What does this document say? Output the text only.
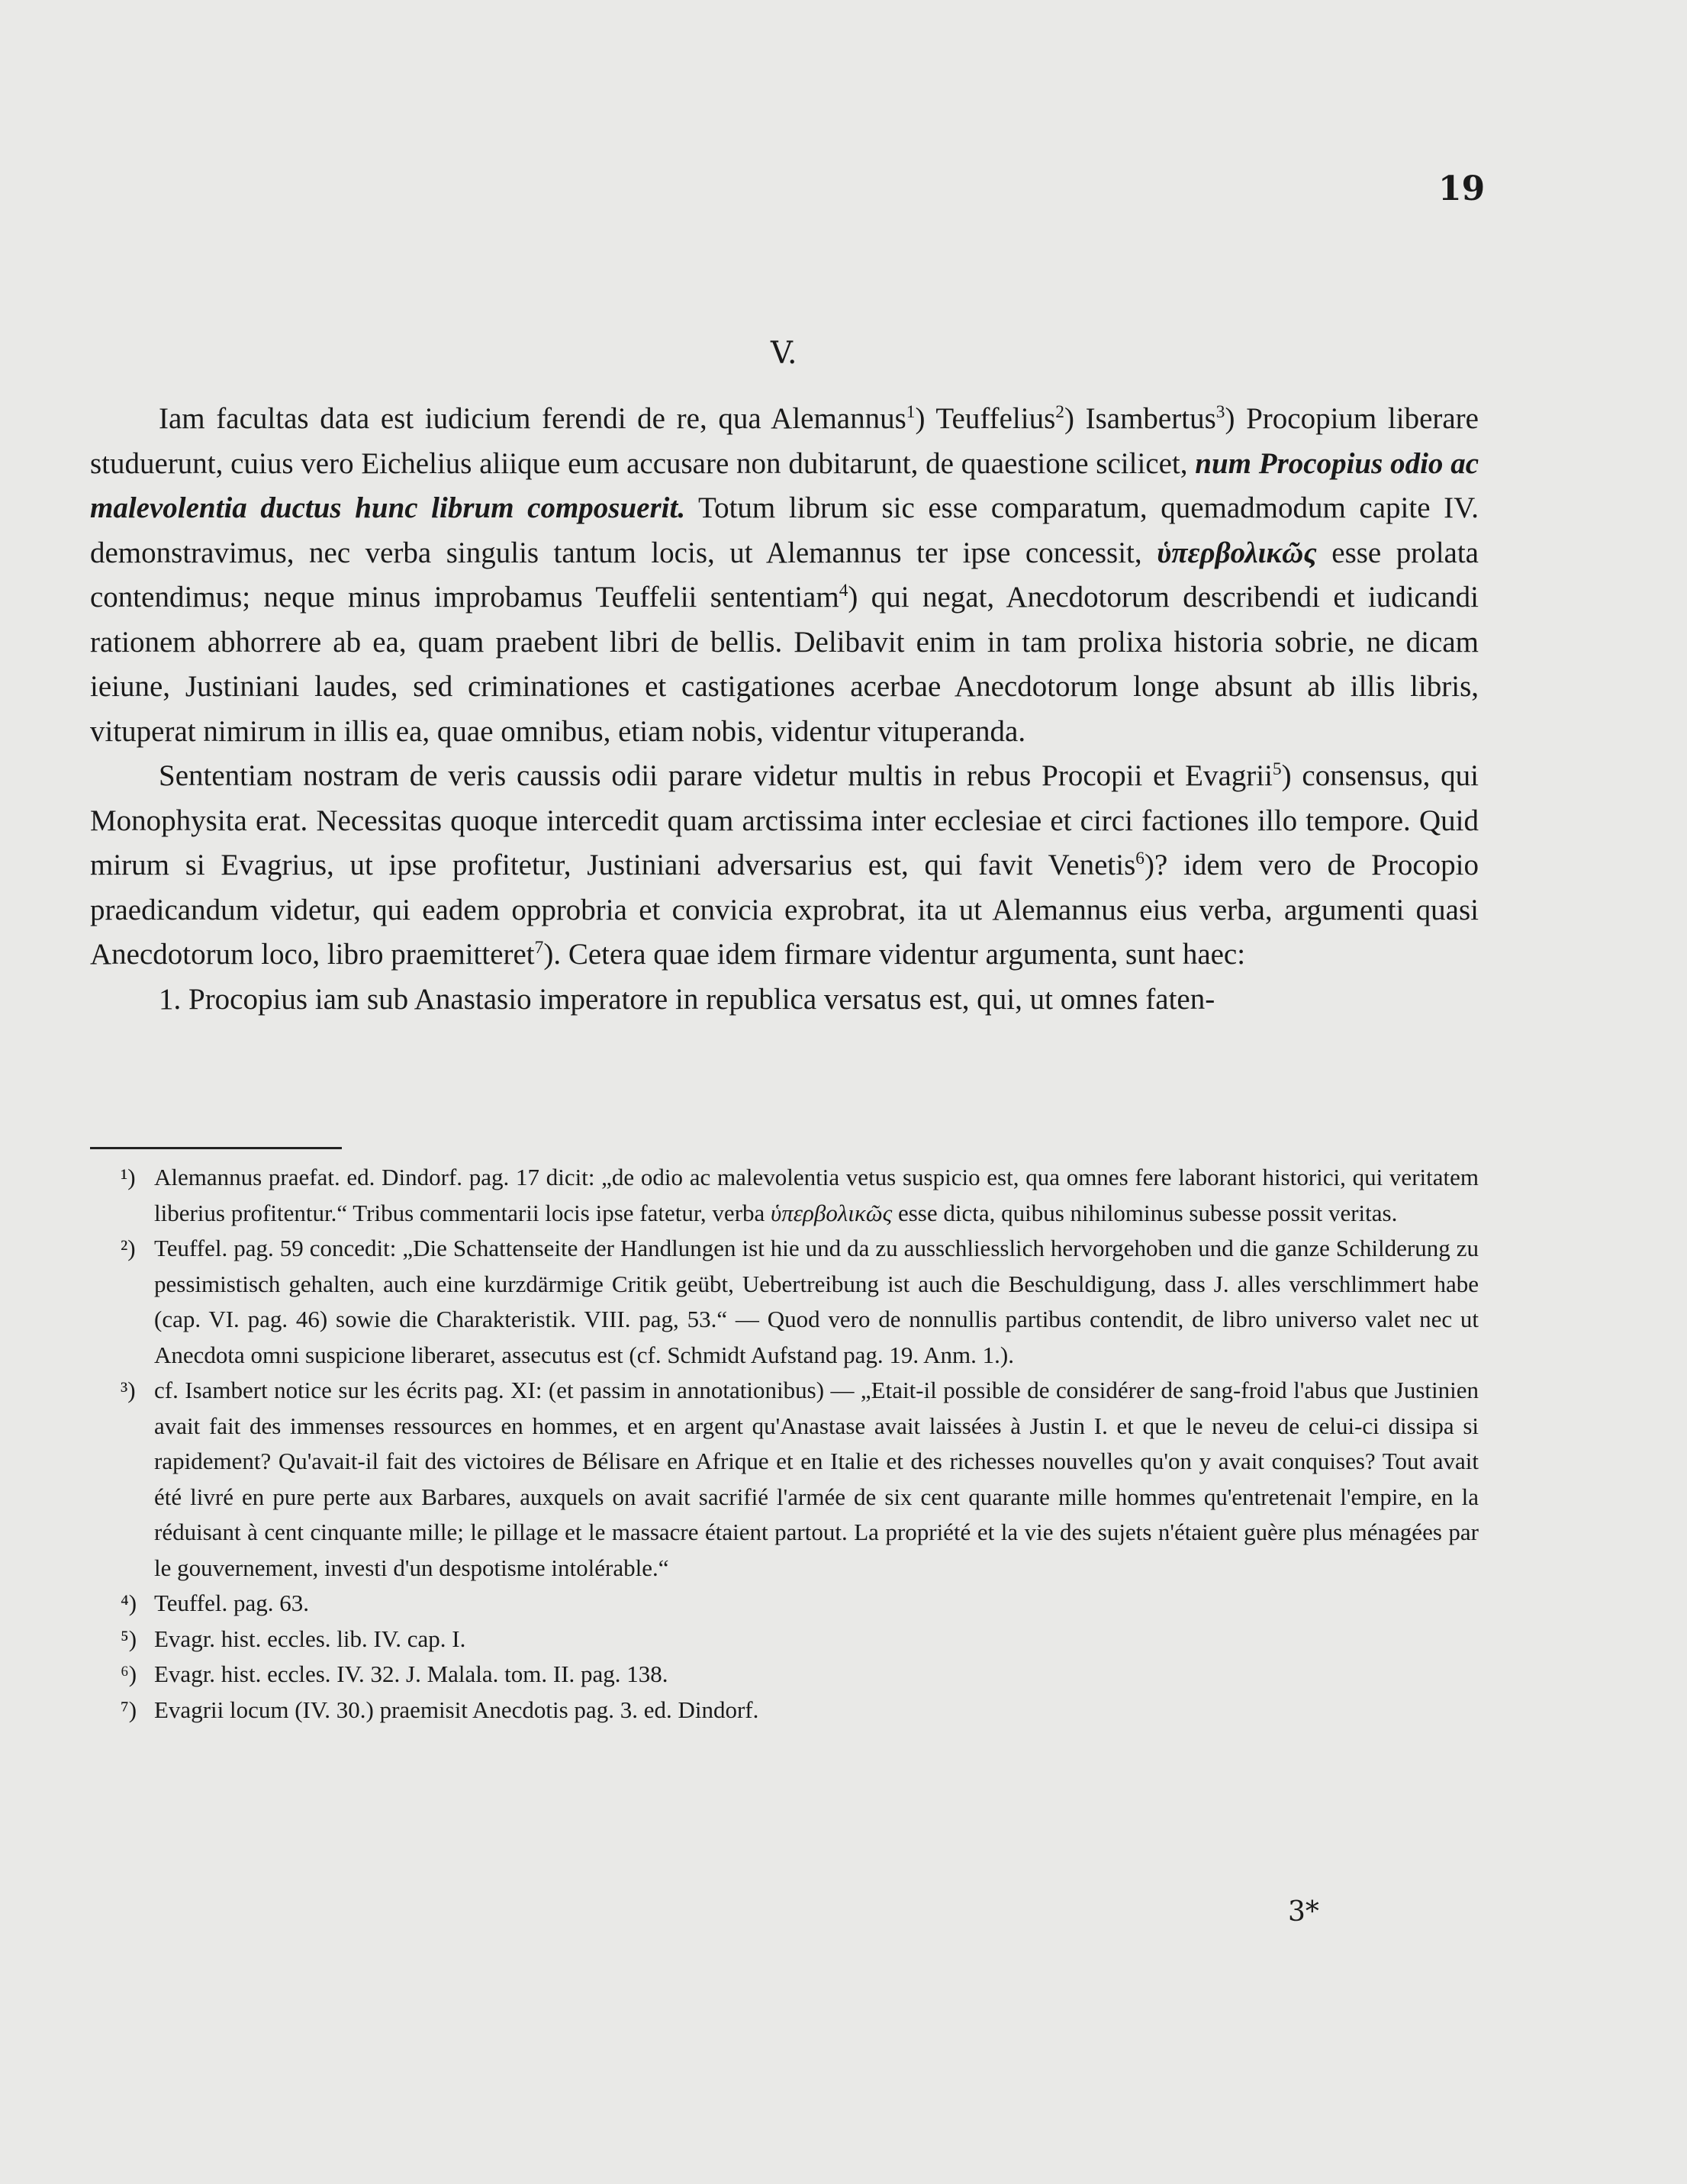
19
V.

Iam facultas data est iudicium ferendi de re, qua Alemannus$^1$) Teuffelius$^2$) Isambertus$^3$) Procopium liberare studuerunt, cuius vero Eichelius aliique eum accusare non dubitarunt, de quaestione scilicet, num Procopius odio ac malevolentia ductus hunc librum composuerit. Totum librum sic esse comparatum, quemadmodum capite IV. demonstravimus, nec verba singulis tantum locis, ut Alemannus ter ipse concessit, ὑπερβολικῶς esse prolata contendimus; neque minus improbamus Teuffelii sententiam$^4$) qui negat, Anecdotorum describendi et iudicandi rationem abhorrere ab ea, quam praebent libri de bellis. Delibavit enim in tam prolixa historia sobrie, ne dicam ieiune, Justiniani laudes, sed criminationes et castigationes acerbae Anecdotorum longe absunt ab illis libris, vituperat nimirum in illis ea, quae omnibus, etiam nobis, videntur vituperanda.

Sententiam nostram de veris caussis odii parare videtur multis in rebus Procopii et Evagrii$^5$) consensus, qui Monophysita erat. Necessitas quoque intercedit quam arctissima inter ecclesiae et circi factiones illo tempore. Quid mirum si Evagrius, ut ipse profitetur, Justiniani adversarius est, qui favit Venetis$^6$)? idem vero de Procopio praedicandum videtur, qui eadem opprobria et convicia exprobrat, ita ut Alemannus eius verba, argumenti quasi Anecdotorum loco, libro praemitteret$^7$). Cetera quae idem firmare videntur argumenta, sunt haec:

1. Procopius iam sub Anastasio imperatore in republica versatus est, qui, ut omnes faten-

¹) Alemannus praefat. ed. Dindorf. pag. 17 dicit: „de odio ac malevolentia vetus suspicio est, qua omnes fere laborant historici, qui veritatem liberius profitentur.“ Tribus commentarii locis ipse fatetur, verba ὑπερβολικῶς esse dicta, quibus nihilominus subesse possit veritas.

²) Teuffel. pag. 59 concedit: „Die Schattenseite der Handlungen ist hie und da zu ausschliesslich hervorgehoben und die ganze Schilderung zu pessimistisch gehalten, auch eine kurzdärmige Critik geübt, Uebertreibung ist auch die Beschuldigung, dass J. alles verschlimmert habe (cap. VI. pag. 46) sowie die Charakteristik. VIII. pag, 53.“ — Quod vero de nonnullis partibus contendit, de libro universo valet nec ut Anecdota omni suspicione liberaret, assecutus est (cf. Schmidt Aufstand pag. 19. Anm. 1.).

³) cf. Isambert notice sur les écrits pag. XI: (et passim in annotationibus) — „Etait-il possible de considérer de sang-froid l'abus que Justinien avait fait des immenses ressources en hommes, et en argent qu'Anastase avait laissées à Justin I. et que le neveu de celui-ci dissipa si rapidement? Qu'avait-il fait des victoires de Bélisare en Afrique et en Italie et des richesses nouvelles qu'on y avait conquises? Tout avait été livré en pure perte aux Barbares, auxquels on avait sacrifié l'armée de six cent quarante mille hommes qu'entretenait l'empire, en la réduisant à cent cinquante mille; le pillage et le massacre étaient partout. La propriété et la vie des sujets n'étaient guère plus ménagées par le gouvernement, investi d'un despotisme intolérable.“

⁴) Teuffel. pag. 63.

⁵) Evagr. hist. eccles. lib. IV. cap. I.

⁶) Evagr. hist. eccles. IV. 32. J. Malala. tom. II. pag. 138.

⁷) Evagrii locum (IV. 30.) praemisit Anecdotis pag. 3. ed. Dindorf.

3*
